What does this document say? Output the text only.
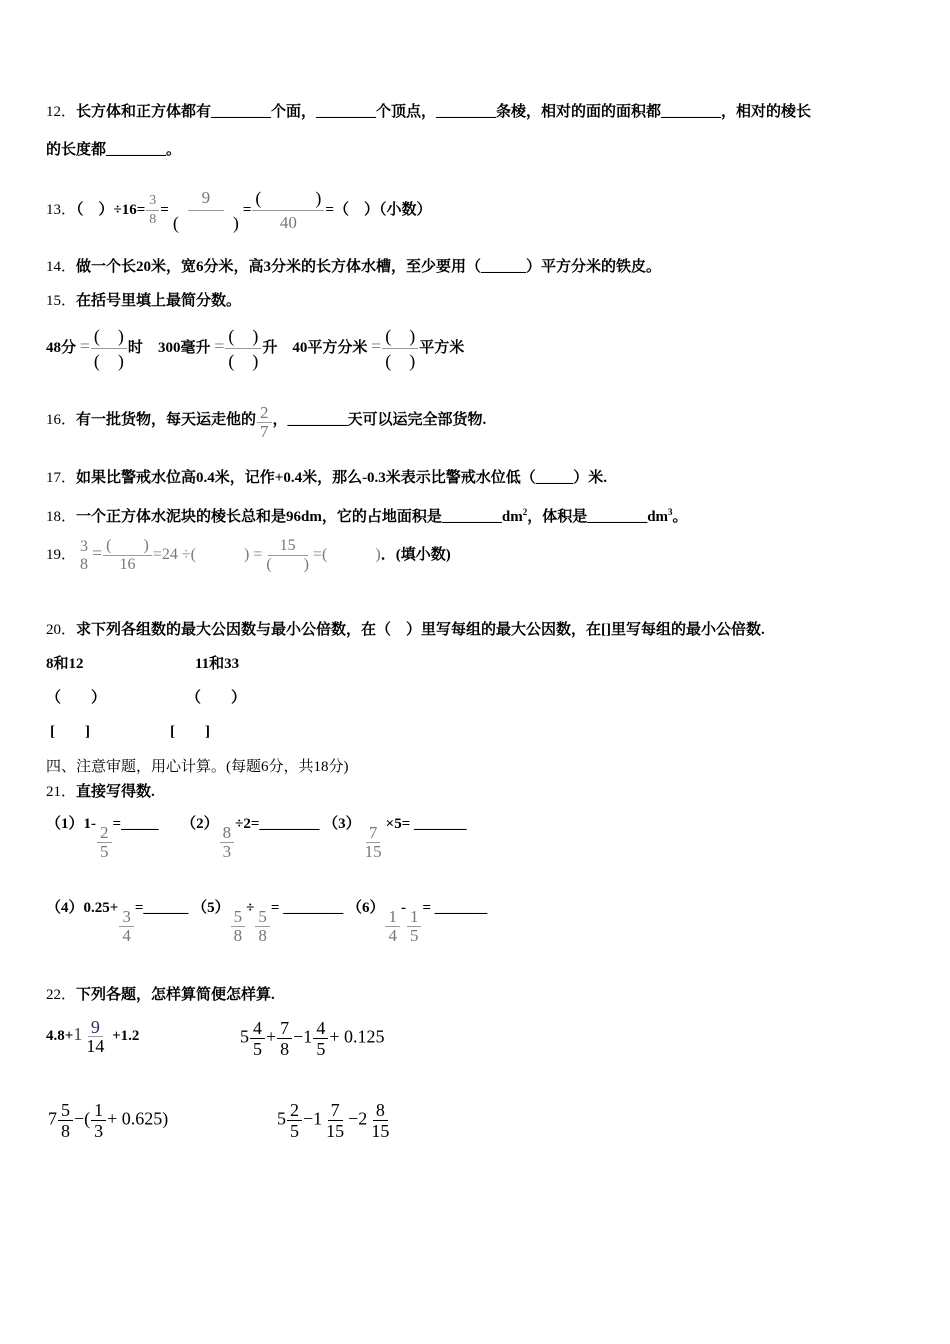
12．长方体和正方体都有________个面，________个顶点，________条棱，相对的面的面积都________，相对的棱长
的长度都________。
13．（　）$\div 16= \frac{3}{8} = \frac{9}{( )} = \frac{( )}{40}$ =（　）（小数）
14．做一个长20米，宽6分米，高3分米的长方体水槽，至少要用（______）平方分米的铁皮。
15．在括号里填上最简分数。
48分 = $\frac{( )}{( )}$ 时 300毫升 = $\frac{( )}{( )}$ 升 40平方分米 = $\frac{( )}{( )}$ 平方米
16．有一批货物，每天运走他的 $\frac{2}{7}$ ，________天可以运完全部货物.
17．如果比警戒水位高0.4米，记作+0.4米，那么-0.3米表示比警戒水位低（_____）米.
18．一个正方体水泥块的棱长总和是96dm，它的占地面积是$\_\_\_\_\_\_\_\_dm^2$，体积是$\_\_\_\_\_\_\_\_dm^3$。
19．
3
8
= $\frac{( )}{16} =24$ ÷(　　　) = $\frac{15}{( )}$ =(　　　)．(填小数)
20．求下列各组数的最大公因数与最小公倍数，在（　）里写每组的最大公因数，在[]里写每组的最小公倍数.
8和12	11和33
（　　）	（　　）
[　　]	[　　]
四、注意审题，用心计算。(每题6分，共18分)
21．直接写得数.
$(1)1- \frac{2}{5}$ =_____ $(2) \frac{8}{3}$ ÷2=________ $(3) \frac{7}{15} \times 5=$ _______
$(4)0.25+ \frac{3}{4}$ =______ $(5) \frac{5}{8} \div \frac{5}{8}$ = ________ $(6) \frac{1}{4} - \frac{1}{5}$ = _______
22．下列各题，怎样算简便怎样算.
$4.8+1 \frac{9}{14} +1.2$	$5 \frac{4}{5} + \frac{7}{8} -1 \frac{4}{5} + 0.125$
$7 \frac{5}{8}$ −( $\frac{1}{3} + 0.625$)	$5 \frac{2}{5} -1 \frac{7}{15} -2 \frac{8}{15}$
